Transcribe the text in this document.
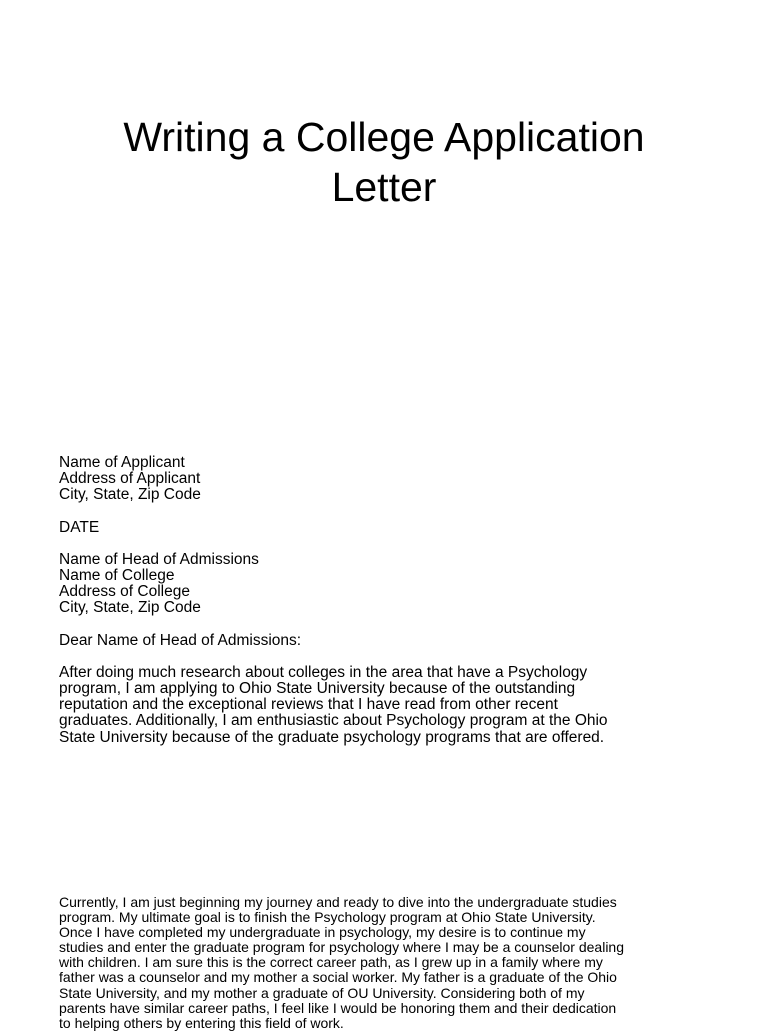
Writing a College Application
Letter
Name of Applicant
Address of Applicant
City, State, Zip Code
DATE
Name of Head of Admissions
Name of College
Address of College
City, State, Zip Code
Dear Name of Head of Admissions:
After doing much research about colleges in the area that have a Psychology
program, I am applying to Ohio State University because of the outstanding
reputation and the exceptional reviews that I have read from other recent
graduates. Additionally, I am enthusiastic about Psychology program at the Ohio
State University because of the graduate psychology programs that are offered.
Currently, I am just beginning my journey and ready to dive into the undergraduate studies
program. My ultimate goal is to finish the Psychology program at Ohio State University.
Once I have completed my undergraduate in psychology, my desire is to continue my
studies and enter the graduate program for psychology where I may be a counselor dealing
with children. I am sure this is the correct career path, as I grew up in a family where my
father was a counselor and my mother a social worker. My father is a graduate of the Ohio
State University, and my mother a graduate of OU University. Considering both of my
parents have similar career paths, I feel like I would be honoring them and their dedication
to helping others by entering this field of work.
